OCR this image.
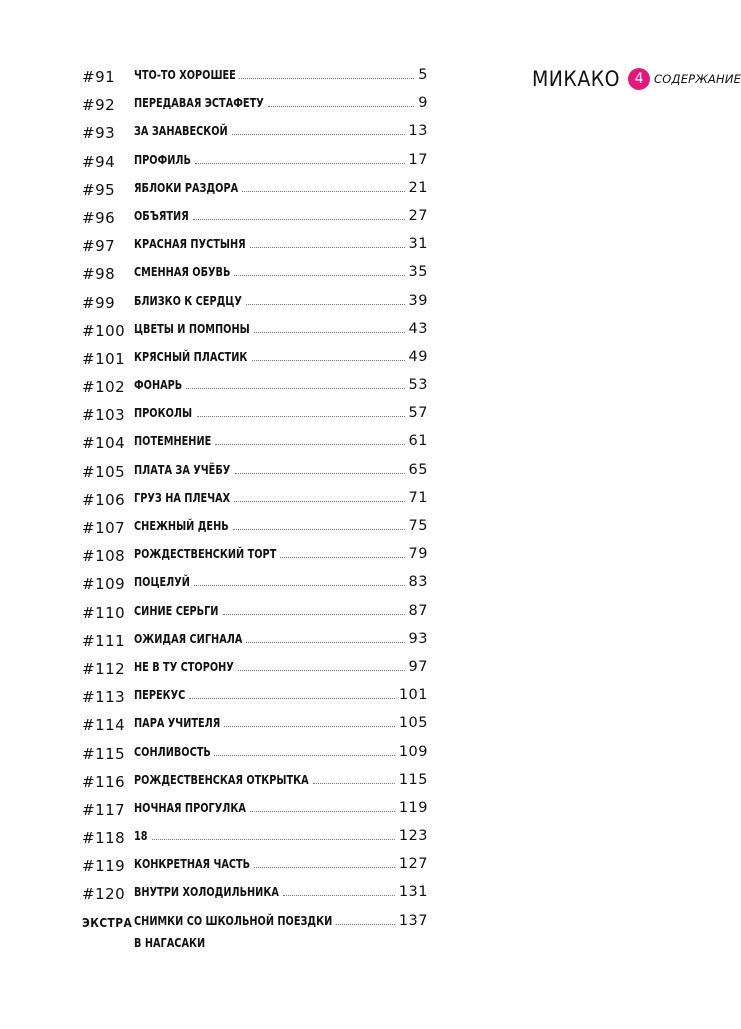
МИКАКО	4 СОДЕРЖАНИЕ
#91 ЧТО-ТО ХОРОШЕЕ	5
#92 ПЕРЕДАВАЯ ЭСТАФЕТУ	9
#93 ЗА ЗАНАВЕСКОЙ	13
#94 ПРОФИЛЬ	17
#95 ЯБЛОКИ РАЗДОРА	21
#96 ОБЪЯТИЯ	27
#97 КРАСНАЯ ПУСТЫНЯ	31
#98 СМЕННАЯ ОБУВЬ	35
#99 БЛИЗКО К СЕРДЦУ	39
#100 ЦВЕТЫ И ПОМПОНЫ	43
#101 КРЯСНЫЙ ПЛАСТИК	49
#102 ФОНАРЬ	53
#103 ПРОКОЛЫ	57
#104 ПОТЕМНЕНИЕ	61
#105 ПЛАТА ЗА УЧЁБУ	65
#106 ГРУЗ НА ПЛЕЧАХ	71
#107 СНЕЖНЫЙ ДЕНЬ	75
#108 РОЖДЕСТВЕНСКИЙ ТОРТ	79
#109 ПОЦЕЛУЙ	83
#110 СИНИЕ СЕРЬГИ	87
#111 ОЖИДАЯ СИГНАЛА	93
#112 НЕ В ТУ СТОРОНУ	97
#113 ПЕРЕКУС	101
#114 ПАРА УЧИТЕЛЯ	105
#115 СОНЛИВОСТЬ	109
#116 РОЖДЕСТВЕНСКАЯ ОТКРЫТКА	115
#117 НОЧНАЯ ПРОГУЛКА	119
#118 18	123
#119 КОНКРЕТНАЯ ЧАСТЬ	127
#120 ВНУТРИ ХОЛОДИЛЬНИКА	131
ЭКСТРА СНИМКИ СО ШКОЛЬНОЙ ПОЕЗДКИ	137
В НАГАСАКИ
